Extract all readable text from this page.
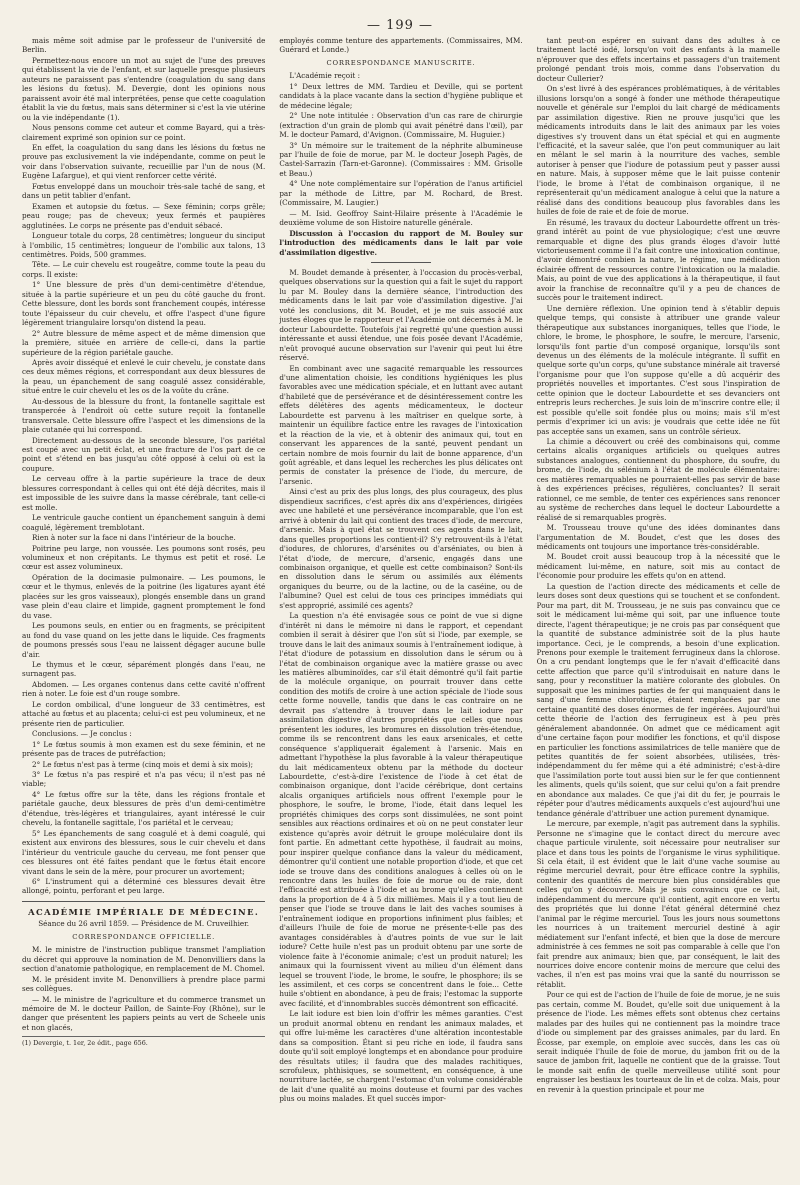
— 199 —

mais même soit admise par le professeur de l'université de Berlin.

Permettez-nous encore un mot au sujet de l'une des preuves qui établissent la vie de l'enfant, et sur laquelle presque plusieurs auteurs ne paraissent pas s'entendre (coagulation du sang dans les lésions du fœtus). M. Devergie, dont les opinions nous paraissent avoir été mal interprétées, pense que cette coagulation établit la vie du fœtus, mais sans déterminer si c'est la vie utérine ou la vie indépendante (1).

Nous pensons comme cet auteur et comme Bayard, qui a très-clairement exprimé son opinion sur ce point.

En effet, la coagulation du sang dans les lésions du fœtus ne prouve pas exclusivement la vie indépendante, comme on peut le voir dans l'observation suivante, recueillie par l'un de nous (M. Eugène Lafargue), et qui vient renforcer cette vérité.

Fœtus enveloppé dans un mouchoir très-sale taché de sang, et dans un petit tablier d'enfant.

Examen et autopsie du fœtus. — Sexe féminin; corps grêle; peau rouge; pas de cheveux; yeux fermés et paupières agglutinées. Le corps ne présente pas d'enduit sébacé.

Longueur totale du corps, 28 centimètres; longueur du sinciput à l'ombilic, 15 centimètres; longueur de l'ombilic aux talons, 13 centimètres. Poids, 500 grammes.

Tête. — Le cuir chevelu est rougeâtre, comme toute la peau du corps. Il existe:

1° Une blessure de près d'un demi-centimètre d'étendue, située à la partie supérieure et un peu du côté gauche du front. Cette blessure, dont les bords sont franchement coupés, intéresse toute l'épaisseur du cuir chevelu, et offre l'aspect d'une figure légèrement triangulaire lorsqu'on distend la peau.

2° Autre blessure de même aspect et de même dimension que la première, située en arrière de celle-ci, dans la partie supérieure de la région pariétale gauche.

Après avoir disséqué et enlevé le cuir chevelu, je constate dans ces deux mêmes régions, et correspondant aux deux blessures de la peau, un épanchement de sang coagulé assez considérable, situé entre le cuir chevelu et les os de la voûte du crâne.

Au-dessous de la blessure du front, la fontanelle sagittale est transpercée à l'endroit où cette suture reçoit la fontanelle transversale. Cette blessure offre l'aspect et les dimensions de la plaie cutanée qui lui correspond.

Directement au-dessous de la seconde blessure, l'os pariétal est coupé avec un petit éclat, et une fracture de l'os part de ce point et s'étend en bas jusqu'au côté opposé à celui où est la coupure.

Le cerveau offre à la partie supérieure la trace de deux blessures correspondant à celles qui ont été déjà décrites, mais il est impossible de les suivre dans la masse cérébrale, tant celle-ci est molle.

Le ventricule gauche contient un épanchement sanguin à demi coagulé, légèrement tremblotant.

Rien à noter sur la face ni dans l'intérieur de la bouche.

Poitrine peu large, non voussée. Les poumons sont rosés, peu volumineux et non crépitants. Le thymus est petit et rosé. Le cœur est assez volumineux.

Opération de la docimasie pulmonaire. — Les poumons, le cœur et le thymus, enlevés de la poitrine (les ligatures ayant été placées sur les gros vaisseaux), plongés ensemble dans un grand vase plein d'eau claire et limpide, gagnent promptement le fond du vase.

Les poumons seuls, en entier ou en fragments, se précipitent au fond du vase quand on les jette dans le liquide. Ces fragments de poumons pressés sous l'eau ne laissent dégager aucune bulle d'air.

Le thymus et le cœur, séparément plongés dans l'eau, ne surnagent pas.

Abdomen. — Les organes contenus dans cette cavité n'offrent rien à noter. Le foie est d'un rouge sombre.

Le cordon ombilical, d'une longueur de 33 centimètres, est attaché au fœtus et au placenta; celui-ci est peu volumineux, et ne présente rien de particulier.

Conclusions. — Je conclus :

1° Le fœtus soumis à mon examen est du sexe féminin, et ne présente pas de traces de putréfaction;

2° Le fœtus n'est pas à terme (cinq mois et demi à six mois);

3° Le fœtus n'a pas respiré et n'a pas vécu; il n'est pas né viable;

4° Le fœtus offre sur la tête, dans les régions frontale et pariétale gauche, deux blessures de près d'un demi-centimètre d'étendue, très-légères et triangulaires, ayant intéressé le cuir chevelu, la fontanelle sagittale, l'os pariétal et le cerveau;

5° Les épanchements de sang coagulé et à demi coagulé, qui existent aux environs des blessures, sous le cuir chevelu et dans l'intérieur du ventricule gauche du cerveau, me font penser que ces blessures ont été faites pendant que le fœtus était encore vivant dans le sein de la mère, pour procurer un avortement;

6° L'instrument qui a déterminé ces blessures devait être allongé, pointu, perforant et peu large.

ACADÉMIE IMPÉRIALE DE MÉDECINE.

Séance du 26 avril 1859. — Présidence de M. Cruveilhier.

CORRESPONDANCE OFFICIELLE.

M. le ministre de l'instruction publique transmet l'ampliation du décret qui approuve la nomination de M. Denonvilliers dans la section d'anatomie pathologique, en remplacement de M. Chomel.

M. le président invite M. Denonvilliers à prendre place parmi ses collègues.

— M. le ministre de l'agriculture et du commerce transmet un mémoire de M. le docteur Paillon, de Sainte-Foy (Rhône), sur le danger que présentent les papiers peints au vert de Scheele unis et non glacés,

(1) Devergie, t. 1er, 2e édit., page 656.

employés comme tenture des appartements. (Commissaires, MM. Guérard et Londe.)

CORRESPONDANCE MANUSCRITE.

L'Académie reçoit :

1° Deux lettres de MM. Tardieu et Deville, qui se portent candidats à la place vacante dans la section d'hygiène publique et de médecine légale;

2° Une note intitulée : Observation d'un cas rare de chirurgie (extraction d'un grain de plomb qui avait pénétré dans l'œil), par M. le docteur Pamard, d'Avignon. (Commissaire, M. Huguier.)

3° Un mémoire sur le traitement de la néphrite albumineuse par l'huile de foie de morue, par M. le docteur Joseph Pagès, de Castel-Sarrazin (Tarn-et-Garonne). (Commissaires : MM. Grisolle et Beau.)

4° Une note complémentaire sur l'opération de l'anus artificiel par la méthode de Littre, par M. Rochard, de Brest. (Commissaire, M. Laugier.)

— M. Isid. Geoffroy Saint-Hilaire présente à l'Académie le deuxième volume de son Histoire naturelle générale.

Discussion à l'occasion du rapport de M. Bouley sur l'introduction des médicaments dans le lait par voie d'assimilation digestive.

M. Boudet demande à présenter, à l'occasion du procès-verbal, quelques observations sur la question qui a fait le sujet du rapport lu par M. Bouley dans la dernière séance, l'introduction des médicaments dans le lait par voie d'assimilation digestive. J'ai voté les conclusions, dit M. Boudet, et je me suis associé aux justes éloges que le rapporteur et l'Académie ont décernés à M. le docteur Labourdette. Toutefois j'ai regretté qu'une question aussi intéressante et aussi étendue, une fois posée devant l'Académie, n'eût provoqué aucune observation sur l'avenir qui peut lui être réservé.

En combinant avec une sagacité remarquable les ressources d'une alimentation choisie, les conditions hygiéniques les plus favorables avec une médication spéciale, et en luttant avec autant d'habileté que de persévérance et de désintéressement contre les effets délétères des agents médicamenteux, le docteur Labourdette est parvenu à les maîtriser en quelque sorte, à maintenir un équilibre factice entre les ravages de l'intoxication et la réaction de la vie, et à obtenir des animaux qui, tout en conservant les apparences de la santé, peuvent pendant un certain nombre de mois fournir du lait de bonne apparence, d'un goût agréable, et dans lequel les recherches les plus délicates ont permis de constater la présence de l'iode, du mercure, de l'arsenic.

Ainsi c'est au prix des plus longs, des plus courageux, des plus dispendieux sacrifices, c'est après dix ans d'expériences, dirigées avec une habileté et une persévérance incomparable, que l'on est arrivé à obtenir du lait qui contient des traces d'iode, de mercure, d'arsenic. Mais à quel état se trouvent ces agents dans le lait, dans quelles proportions les contient-il? S'y retrouvent-ils à l'état d'iodures, de chlorures, d'arsénites ou d'arséniates, ou bien à l'état d'iode, de mercure, d'arsenic, engagés dans une combinaison organique, et quelle est cette combinaison? Sont-ils en dissolution dans le sérum ou assimilés aux éléments organiques du beurre, ou de la lactine, ou de la caséine, ou de l'albumine? Quel est celui de tous ces principes immédiats qui s'est approprié, assimilé ces agents?

La question n'a été envisagée sous ce point de vue si digne d'intérêt ni dans le mémoire ni dans le rapport, et cependant combien il serait à désirer que l'on sût si l'iode, par exemple, se trouve dans le lait des animaux soumis à l'entraînement iodique, à l'état d'iodure de potassium en dissolution dans le sérum ou à l'état de combinaison organique avec la matière grasse ou avec les matières albuminoïdes, car s'il était démontré qu'il fait partie de la molécule organique, on pourrait trouver dans cette condition des motifs de croire à une action spéciale de l'iode sous cette forme nouvelle, tandis que dans le cas contraire on ne devrait pas s'attendre à trouver dans le lait iodure par assimilation digestive d'autres propriétés que celles que nous présentent les iodures, les bromures en dissolution très-étendue, comme ils se rencontrent dans les eaux arsenicales, et cette conséquence s'appliquerait également à l'arsenic. Mais en admettant l'hypothèse la plus favorable à la valeur thérapeutique du lait médicamenteux obtenu par la méthode du docteur Labourdette, c'est-à-dire l'existence de l'iode à cet état de combinaison organique, dont l'acide cérébrique, dont certains alcalis organiques artificiels nous offrent l'exemple pour le phosphore, le soufre, le brome, l'iode, était dans lequel les propriétés chimiques des corps sont dissimulées, ne sont point sensibles aux réactions ordinaires et où on ne peut constater leur existence qu'après avoir détruit le groupe moléculaire dont ils font partie. En admettant cette hypothèse, il faudrait au moins, pour inspirer quelque confiance dans la valeur du médicament, démontrer qu'il contient une notable proportion d'iode, et que cet iode se trouve dans des conditions analogues à celles où on le rencontre dans les huiles de foie de morue ou de raie, dont l'efficacité est attribuée à l'iode et au brome qu'elles contiennent dans la proportion de 4 à 5 dix millièmes. Mais il y a tout lieu de penser que l'iode se trouve dans le lait des vaches soumises à l'entraînement iodique en proportions infiniment plus faibles; et d'ailleurs l'huile de foie de morue ne présente-t-elle pas des avantages considérables à d'autres points de vue sur le lait iodure? Cette huile n'est pas un produit obtenu par une sorte de violence faite à l'économie animale; c'est un produit naturel; les animaux qui la fournissent vivent au milieu d'un élément dans lequel se trouvent l'iode, le brome, le soufre, le phosphore; ils se les assimilent, et ces corps se concentrent dans le foie... Cette huile s'obtient en abondance, à peu de frais; l'estomac la supporte avec facilité, et d'innombrables succès démontrent son efficacité.

Le lait iodure est bien loin d'offrir les mêmes garanties. C'est un produit anormal obtenu en rendant les animaux malades, et qui offre lui-même les caractères d'une altération incontestable dans sa composition. Étant si peu riche en iode, il faudra sans doute qu'il soit employé longtemps et en abondance pour produire des résultats utiles; il faudra que des malades rachitiques, scrofuleux, phthisiques, se soumettent, en conséquence, à une nourriture lactée, se chargent l'estomac d'un volume considérable de lait d'une qualité au moins douteuse et fourni par des vaches plus ou moins malades. Et quel succès impor-

tant peut-on espérer en suivant dans des adultes à ce traitement lacté iodé, lorsqu'on voit des enfants à la mamelle n'éprouver que des effets incertains et passagers d'un traitement prolongé pendant trois mois, comme dans l'observation du docteur Cullerier?

On s'est livré à des espérances problématiques, à de véritables illusions lorsqu'on a songé à fonder une méthode thérapeutique nouvelle et générale sur l'emploi du lait chargé de médicaments par assimilation digestive. Rien ne prouve jusqu'ici que les médicaments introduits dans le lait des animaux par les voies digestives s'y trouvent dans un état spécial et qui en augmente l'efficacité, et la saveur salée, que l'on peut communiquer au lait en mêlant le sel marin à la nourriture des vaches, semble autoriser à penser que l'iodure de potassium peut y passer aussi en nature. Mais, à supposer même que le lait puisse contenir l'iode, le brome à l'état de combinaison organique, il ne représenterait qu'un médicament analogue à celui que la nature a réalisé dans des conditions beaucoup plus favorables dans les huiles de foie de raie et de foie de morue.

En résumé, les travaux du docteur Labourdette offrent un très-grand intérêt au point de vue physiologique; c'est une œuvre remarquable et digne des plus grands éloges d'avoir lutté victorieusement comme il l'a fait contre une intoxication continue, d'avoir démontré combien la nature, le régime, une médication éclairée offrent de ressources contre l'intoxication ou la maladie. Mais, au point de vue des applications à la thérapeutique, il faut avoir la franchise de reconnaître qu'il y a peu de chances de succès pour le traitement indirect.

Une dernière réflexion. Une opinion tend à s'établir depuis quelque temps, qui consiste à attribuer une grande valeur thérapeutique aux substances inorganiques, telles que l'iode, le chlore, le brome, le phosphore, le soufre, le mercure, l'arsenic, lorsqu'ils font partie d'un composé organique, lorsqu'ils sont devenus un des éléments de la molécule intégrante. Il suffit en quelque sorte qu'un corps, qu'une substance minérale ait traversé l'organisme pour que l'on suppose qu'elle a dû acquérir des propriétés nouvelles et importantes. C'est sous l'inspiration de cette opinion que le docteur Labourdette et ses devanciers ont entrepris leurs recherches. Je suis loin de m'inscrire contre elle; il est possible qu'elle soit fondée plus ou moins; mais s'il m'est permis d'exprimer ici un avis: je voudrais que cette idée ne fût pas acceptée sans un examen, sans un contrôle sérieux.

La chimie a découvert ou créé des combinaisons qui, comme certains alcalis organiques artificiels ou quelques autres substances analogues, contiennent du phosphore, du soufre, du brome, de l'iode, du sélénium à l'état de molécule élémentaire: ces matières remarquables ne pourraient-elles pas servir de base à des expériences précises, régulières, concluantes? Il serait rationnel, ce me semble, de tenter ces expériences sans renoncer au système de recherches dans lequel le docteur Labourdette a réalisé de si remarquables progrès.

M. Trousseau trouve qu'une des idées dominantes dans l'argumentation de M. Boudet, c'est que les doses des médicaments ont toujours une importance très-considérable.

M. Boudet croit aussi beaucoup trop à la nécessité que le médicament lui-même, en nature, soit mis au contact de l'économie pour produire les effets qu'on en attend.

La question de l'action directe des médicaments et celle de leurs doses sont deux questions qui se touchent et se confondent. Pour ma part, dit M. Trousseau, je ne suis pas convaincu que ce soit le médicament lui-même qui soit, par une influence toute directe, l'agent thérapeutique; je ne crois pas par conséquent que la quantité de substance administrée soit de la plus haute importance. Ceci, je le comprends, a besoin d'une explication. Prenons pour exemple le traitement ferrugineux dans la chlorose. On a cru pendant longtemps que le fer n'avait d'efficacité dans cette affection que parce qu'il s'introduisait en nature dans le sang, pour y reconstituer la matière colorante des globules. On supposait que les minimes parties de fer qui manquaient dans le sang d'une femme chlorotique, étaient remplacées par une certaine quantité des doses énormes de fer ingérées. Aujourd'hui cette théorie de l'action des ferrugineux est à peu près généralement abandonnée. On admet que ce médicament agit d'une certaine façon pour modifier les fonctions, et qu'il dispose en particulier les fonctions assimilatrices de telle manière que de petites quantités de fer soient absorbées, utilisées, très-indépendamment du fer même qui a été administré; c'est-à-dire que l'assimilation porte tout aussi bien sur le fer que contiennent les aliments, quels qu'ils soient, que sur celui qu'on a fait prendre en abondance aux malades. Ce que j'ai dit du fer, je pourrais le répéter pour d'autres médicaments auxquels c'est aujourd'hui une tendance générale d'attribuer une action purement dynamique.

Le mercure, par exemple, n'agit pas autrement dans la syphilis. Personne ne s'imagine que le contact direct du mercure avec chaque particule virulente, soit nécessaire pour neutraliser sur place et dans tous les points de l'organisme le virus syphilitique. Si cela était, il est évident que le lait d'une vache soumise au régime mercuriel devrait, pour être efficace contre la syphilis, contenir des quantités de mercure bien plus considérables que celles qu'on y découvre. Mais je suis convaincu que ce lait, indépendamment du mercure qu'il contient, agit encore en vertu des propriétés que lui donne l'état général déterminé chez l'animal par le régime mercuriel. Tous les jours nous soumettons les nourrices à un traitement mercuriel destiné à agir médiatement sur l'enfant infecté, et bien que la dose de mercure administrée à ces femmes ne soit pas comparable à celle que l'on fait prendre aux animaux; bien que, par conséquent, le lait des nourrices doive encore contenir moins de mercure que celui des vaches, il n'en est pas moins vrai que la santé du nourrisson se rétablit.

Pour ce qui est de l'action de l'huile de foie de morue, je ne suis pas certain, comme M. Boudet, qu'elle soit due uniquement à la présence de l'iode. Les mêmes effets sont obtenus chez certains malades par des huiles qui ne contiennent pas la moindre trace d'iode ou simplement par des graisses animales, par du lard. En Écosse, par exemple, on emploie avec succès, dans les cas où serait indiquée l'huile de foie de morue, du jambon frit ou de la sauce de jambon frit, laquelle ne contient que de la graisse. Tout le monde sait enfin de quelle merveilleuse utilité sont pour engraisser les bestiaux les tourteaux de lin et de colza. Mais, pour en revenir à la question principale et pour me
